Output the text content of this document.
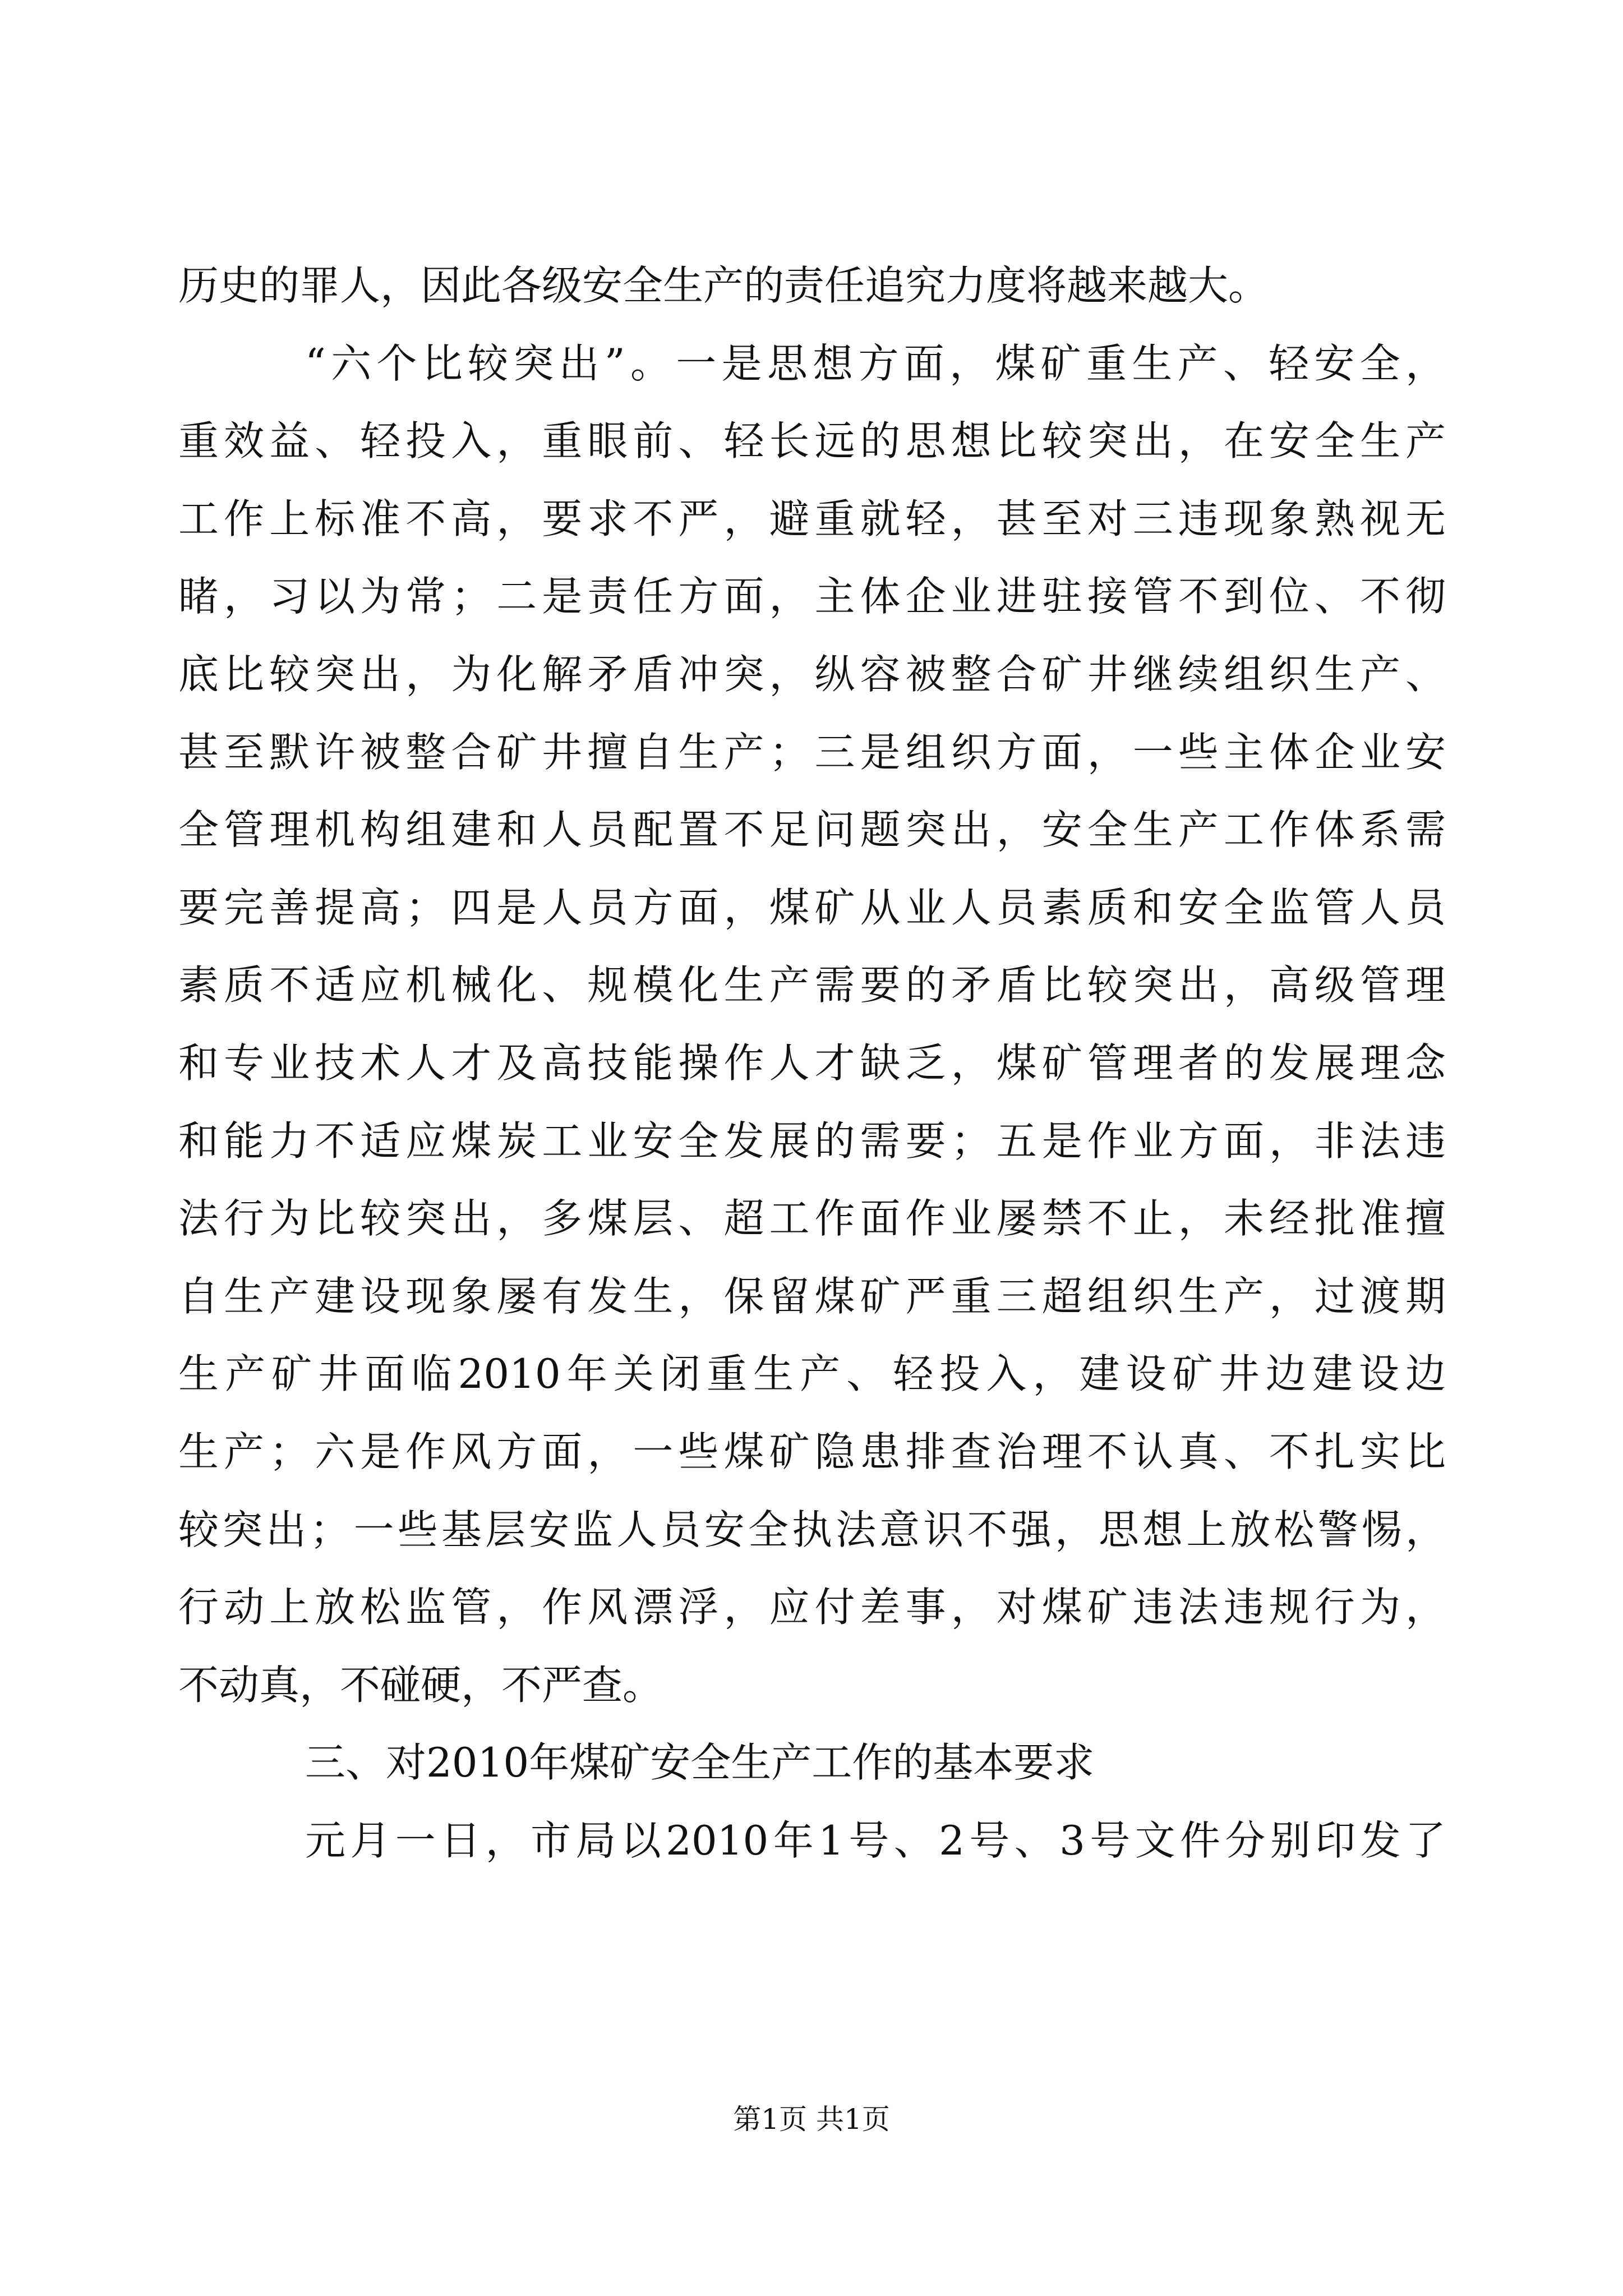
历史的罪人，因此各级安全生产的责任追究力度将越来越大。
“六个比较突出”。一是思想方面，煤矿重生产、轻安全，
重效益、轻投入，重眼前、轻长远的思想比较突出，在安全生产
工作上标准不高，要求不严，避重就轻，甚至对三违现象熟视无
睹，习以为常；二是责任方面，主体企业进驻接管不到位、不彻
底比较突出，为化解矛盾冲突，纵容被整合矿井继续组织生产、
甚至默许被整合矿井擅自生产；三是组织方面，一些主体企业安
全管理机构组建和人员配置不足问题突出，安全生产工作体系需
要完善提高；四是人员方面，煤矿从业人员素质和安全监管人员
素质不适应机械化、规模化生产需要的矛盾比较突出，高级管理
和专业技术人才及高技能操作人才缺乏，煤矿管理者的发展理念
和能力不适应煤炭工业安全发展的需要；五是作业方面，非法违
法行为比较突出，多煤层、超工作面作业屡禁不止，未经批准擅
自生产建设现象屡有发生，保留煤矿严重三超组织生产，过渡期
生产矿井面临2010年关闭重生产、轻投入，建设矿井边建设边
生产；六是作风方面，一些煤矿隐患排查治理不认真、不扎实比
较突出；一些基层安监人员安全执法意识不强，思想上放松警惕，
行动上放松监管，作风漂浮，应付差事，对煤矿违法违规行为，
不动真，不碰硬，不严查。
三、对2010年煤矿安全生产工作的基本要求
元月一日，市局以2010年1号、2号、3号文件分别印发了
第1页 共1页
